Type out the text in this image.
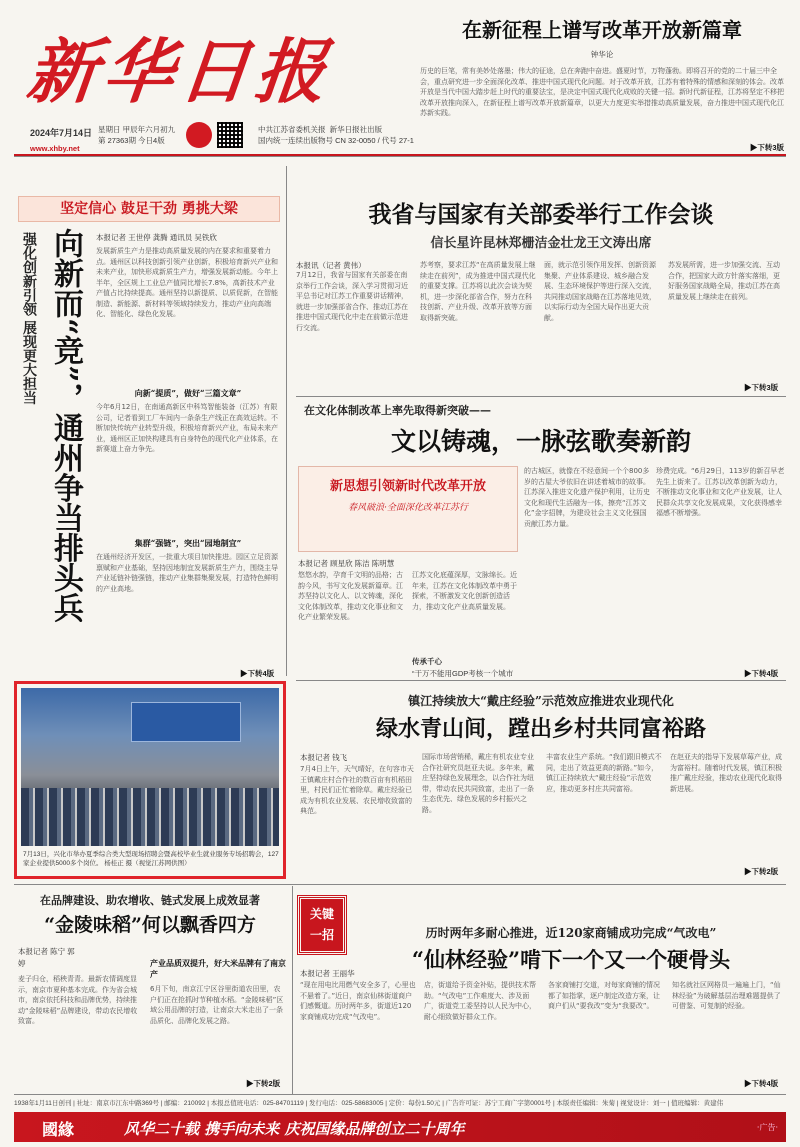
新华日报
2024年7月14日 星期日 甲辰年六月初九
第 27363期 今日4版
www.xhby.net
中共江苏省委机关报 新华日报社出版
国内统一连续出版物号 CN 32-0050 / 代号 27-1
在新征程上谱写改革开放新篇章
钟华论
历史的巨笔，常有美妙处落墨；伟大的征途，总在奔跑中奋进。盛夏时节，万物蓬勃。即将召开的党的二十届三中全会，重点研究进一步全面深化改革、推进中国式现代化问题。对于改革开放，江苏有着特殊的情感和深刻的体会。改革开放是当代中国大踏步赶上时代的重要法宝，是决定中国式现代化成败的关键一招。新时代新征程，江苏将坚定不移把改革开放推向深入，在新征程上谱写改革开放新篇章，以更大力度更实举措推动高质量发展，奋力推进中国式现代化江苏新实践。
▶下转3版
坚定信心 鼓足干劲 勇挑大梁
强化创新引领 展现更大担当 向新而“竞”，通州争当排头兵 本报记者 王世停 龚腾 通讯员 吴铁欣
发展新质生产力是推动高质量发展的内在要求和重要着力点。通州区以科技创新引领产业创新，积极培育新兴产业和未来产业，加快形成新质生产力，增强发展新动能。今年上半年，全区规上工业总产值同比增长7.8%，高新技术产业产值占比持续提高。通州坚持以新提质、以质促新，在智能制造、新能源、新材料等领域持续发力，推动产业向高端化、智能化、绿色化发展。
向新“提质”，做好“三篇文章”
今年6月12日，在南通高新区中科笃智能装备（江苏）有限公司，记者看到工厂车间内一条条生产线正在高效运转。不断加快传统产业转型升级，积极培育新兴产业，布局未来产业，通州区正加快构建具有自身特色的现代化产业体系，在新赛道上奋力争先。
集群“强链”，突出“园地制宜”
在通州经济开发区，一批重大项目加快推进。园区立足资源禀赋和产业基础，坚持因地制宜发展新质生产力，围绕主导产业延链补链强链，推动产业集群集聚发展，打造特色鲜明的产业高地。
▶下转4版
我省与国家有关部委举行工作会谈
信长星许昆林郑栅洁金壮龙王文涛出席
本报讯（记者 黄伟）
7月12日，我省与国家有关部委在南京举行工作会谈，深入学习贯彻习近平总书记对江苏工作重要讲话精神，就进一步加强部省合作、推动江苏在推进中国式现代化中走在前做示范进行交流。
苏考察，要求江苏“在高质量发展上继续走在前列”，成为推进中国式现代化的重要支撑。江苏将以此次会谈为契机，进一步深化部省合作，努力在科技创新、产业升级、改革开放等方面取得新突破。
面，就示范引领作用发挥、创新资源集聚、产业体系建设、城乡融合发展、生态环境保护等进行深入交流，共同推动国家战略在江苏落地见效，以实际行动为全国大局作出更大贡献。
苏发展所需，进一步加强交流、互动合作，把国家大政方针落实落细，更好服务国家战略全局，推动江苏在高质量发展上继续走在前列。
▶下转3版
在文化体制改革上率先取得新突破——
文以铸魂，一脉弦歌奏新韵
新思想引领新时代改革开放
春风破浪·全面深化改革江苏行
本报记者 顾星欣 陈洁 陈明慧
悠悠水韵，孕育千文明的品格；古韵今风，书写文化发展新篇章。江苏坚持以文化人、以文铸魂，深化文化体制改革，推动文化事业和文化产业繁荣发展。
江苏文化底蕴深厚，文脉绵长。近年来，江苏在文化体制改革中勇于探索，不断激发文化创新创造活力，推动文化产业高质量发展。
传承千心
“干万不能用GDP考核一个城市
的古城区，就像在不经意间一个个800多岁的古屋大爷依旧在讲述着城市的故事。江苏深入推进文化遗产保护利用，让历史文化和现代生活融为一体，擦亮“江苏文化”金字招牌，为建设社会主义文化强国贡献江苏力量。
珍费完成。“6月29日，113岁的新召早老先生上街来了。江苏以改革创新为动力，不断推动文化事业和文化产业发展，让人民群众共享文化发展成果，文化获得感幸福感不断增强。
▶下转4版
7月13日，兴化市举办夏季综合类大型现场招聘会暨高校毕业生就业服务专场招聘会，127家企业提供5000多个岗位。 杨桂正 摄（视觉江苏网供图）
镇江持续放大“戴庄经验”示范效应推进农业现代化
绿水青山间，蹚出乡村共同富裕路
本报记者 钱飞
7月4日上午，天气晴好，在句容市天王镇戴庄村合作社的数百亩有机稻田里，村民们正忙着除草。戴庄经验已成为有机农业发展、农民增收致富的典范。
国际市场营销稀，戴庄有机农业专业合作社研究员赵亚夫说。多年来，戴庄坚持绿色发展理念，以合作社为纽带，带动农民共同致富，走出了一条生态优先、绿色发展的乡村振兴之路。
丰富农业生产系统。“我们跟旧模式不同，走出了效益更高的新路。”如今，镇江正持续放大“戴庄经验”示范效应，推动更多村庄共同富裕。
在赵亚夫的指导下发展草莓产业，成为富裕村。随着时代发展，镇江积极推广戴庄经验，推动农业现代化取得新进展。
▶下转2版
在品牌建设、助农增收、链式发展上成效显著
“金陵味稻”何以飘香四方
本报记者 陈宁 郭婷
麦子归仓，稻秧青青。最新农情调度显示，南京市夏种基本完成。作为省会城市，南京依托科技和品牌优势，持续推动“金陵味稻”品牌建设，带动农民增收致富。
产业品质双提升，好大米品牌有了南京产
6月下旬，南京江宁区谷里街道农田里，农户们正在抢抓时节种植水稻。“金陵味稻”区域公用品牌的打造，让南京大米走出了一条品质化、品牌化发展之路。
▶下转2版
关键
一招	历时两年多耐心推进，近120家商铺成功完成“气改电”
“仙林经验”啃下一个又一个硬骨头
本报记者 王丽华
“现在用电比用燃气安全多了，心里也不悬着了。”近日，南京仙林街道商户们感慨道。历时两年多，街道近120家商铺成功完成“气改电”。
店，街道给予资金补贴，提供技术帮助。“气改电”工作难度大、涉及面广，街道党工委坚持以人民为中心，耐心细致做好群众工作。
各家商铺打交道，对每家商铺的情况都了如指掌，逐户制定改造方案，让商户们从“要我改”变为“我要改”。
知名就社区网格员一遍遍上门，“仙林经验”为破解基层治理难题提供了可借鉴、可复制的经验。
▶下转4版
1938年1月11日创刊 | 社址：南京市江东中路369号 | 邮编：210092 | 本报总值班电话：025-84701119 | 发行电话：025-58683005 | 定价：每份1.50元 | 广告许可证：苏宁工商广字第0001号 | 本版责任编辑：朱菊 | 视觉设计：刘一 | 值班编辑：黄建伟
國緣	风华二十载 携手向未来 庆祝国缘品牌创立二十周年	·广告·
